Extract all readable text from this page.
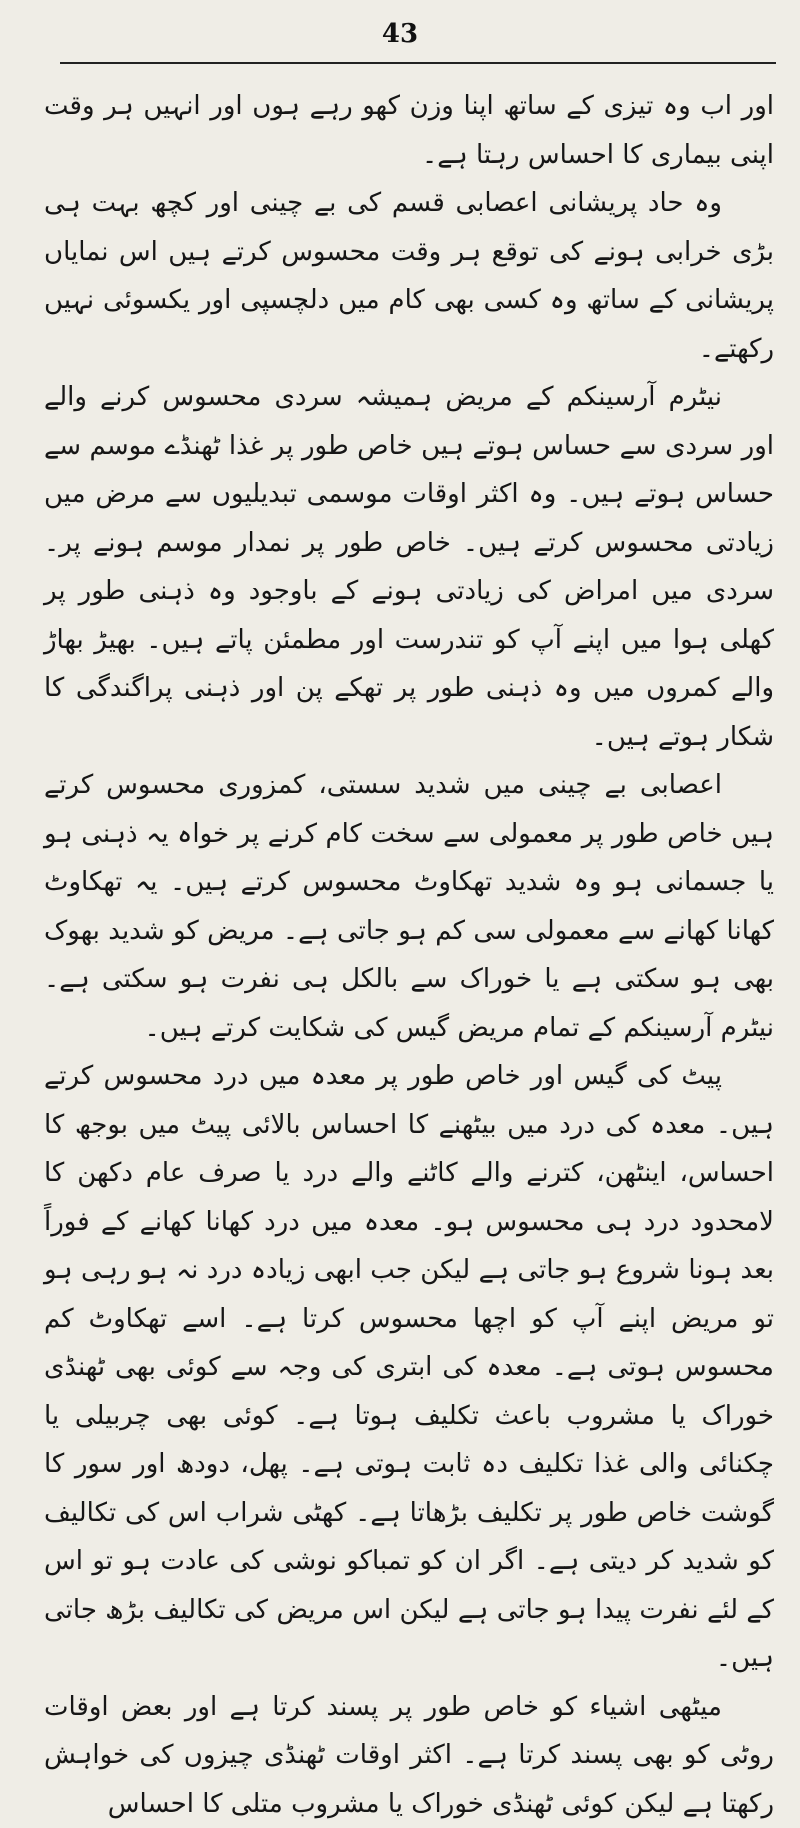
43

اور اب وہ تیزی کے ساتھ اپنا وزن کھو رہے ہوں اور انہیں ہر وقت اپنی بیماری کا احساس رہتا ہے۔

وہ حاد پریشانی اعصابی قسم کی بے چینی اور کچھ بہت ہی بڑی خرابی ہونے کی توقع ہر وقت محسوس کرتے ہیں اس نمایاں پریشانی کے ساتھ وہ کسی بھی کام میں دلچسپی اور یکسوئی نہیں رکھتے۔

نیٹرم آرسینکم کے مریض ہمیشہ سردی محسوس کرنے والے اور سردی سے حساس ہوتے ہیں خاص طور پر غذا ٹھنڈے موسم سے حساس ہوتے ہیں۔ وہ اکثر اوقات موسمی تبدیلیوں سے مرض میں زیادتی محسوس کرتے ہیں۔ خاص طور پر نمدار موسم ہونے پر۔ سردی میں امراض کی زیادتی ہونے کے باوجود وہ ذہنی طور پر کھلی ہوا میں اپنے آپ کو تندرست اور مطمئن پاتے ہیں۔ بھیڑ بھاڑ والے کمروں میں وہ ذہنی طور پر تھکے پن اور ذہنی پراگندگی کا شکار ہوتے ہیں۔

اعصابی بے چینی میں شدید سستی، کمزوری محسوس کرتے ہیں خاص طور پر معمولی سے سخت کام کرنے پر خواہ یہ ذہنی ہو یا جسمانی ہو وہ شدید تھکاوٹ محسوس کرتے ہیں۔ یہ تھکاوٹ کھانا کھانے سے معمولی سی کم ہو جاتی ہے۔ مریض کو شدید بھوک بھی ہو سکتی ہے یا خوراک سے بالکل ہی نفرت ہو سکتی ہے۔ نیٹرم آرسینکم کے تمام مریض گیس کی شکایت کرتے ہیں۔

پیٹ کی گیس اور خاص طور پر معدہ میں درد محسوس کرتے ہیں۔ معدہ کی درد میں بیٹھنے کا احساس بالائی پیٹ میں بوجھ کا احساس، اینٹھن، کترنے والے کاٹنے والے درد یا صرف عام دکھن کا لامحدود درد ہی محسوس ہو۔ معدہ میں درد کھانا کھانے کے فوراً بعد ہونا شروع ہو جاتی ہے لیکن جب ابھی زیادہ درد نہ ہو رہی ہو تو مریض اپنے آپ کو اچھا محسوس کرتا ہے۔ اسے تھکاوٹ کم محسوس ہوتی ہے۔ معدہ کی ابتری کی وجہ سے کوئی بھی ٹھنڈی خوراک یا مشروب باعث تکلیف ہوتا ہے۔ کوئی بھی چربیلی یا چکنائی والی غذا تکلیف دہ ثابت ہوتی ہے۔ پھل، دودھ اور سور کا گوشت خاص طور پر تکلیف بڑھاتا ہے۔ کھٹی شراب اس کی تکالیف کو شدید کر دیتی ہے۔ اگر ان کو تمباکو نوشی کی عادت ہو تو اس کے لئے نفرت پیدا ہو جاتی ہے لیکن اس مریض کی تکالیف بڑھ جاتی ہیں۔

میٹھی اشیاء کو خاص طور پر پسند کرتا ہے اور بعض اوقات روٹی کو بھی پسند کرتا ہے۔ اکثر اوقات ٹھنڈی چیزوں کی خواہش رکھتا ہے لیکن کوئی ٹھنڈی خوراک یا مشروب متلی کا احساس
